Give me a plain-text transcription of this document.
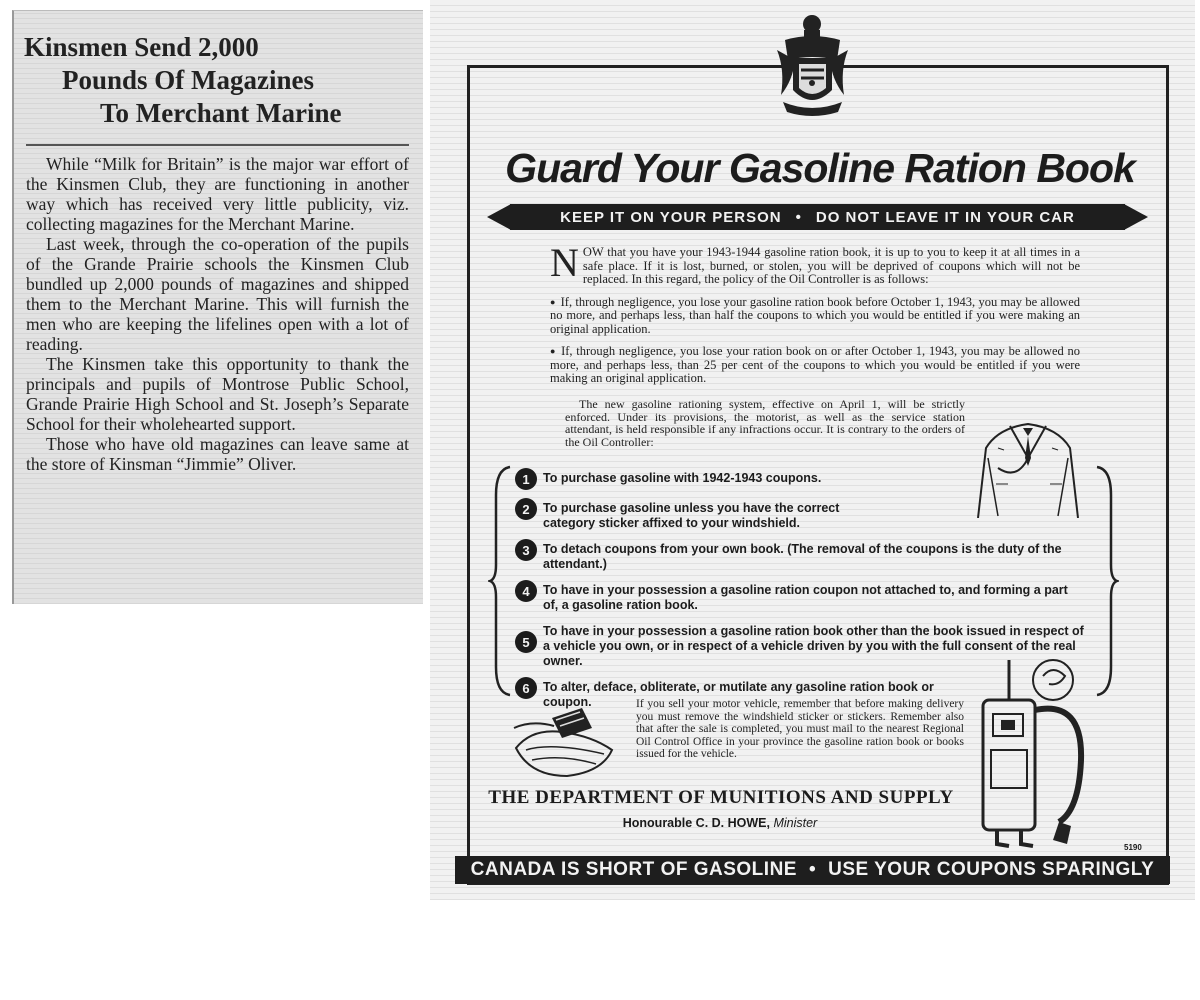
Kinsmen Send 2,000
Pounds Of Magazines
To Merchant Marine

While “Milk for Britain” is the major war effort of the Kinsmen Club, they are functioning in another way which has received very little publicity, viz. collecting magazines for the Merchant Marine.

Last week, through the co-operation of the pupils of the Grande Prairie schools the Kinsmen Club bundled up 2,000 pounds of magazines and shipped them to the Merchant Marine. This will furnish the men who are keeping the lifelines open with a lot of reading.

The Kinsmen take this opportunity to thank the principals and pupils of Montrose Public School, Grande Prairie High School and St. Joseph’s Separate School for their wholehearted support.

Those who have old magazines can leave same at the store of Kinsman “Jimmie” Oliver.

Guard Your Gasoline Ration Book
KEEP IT ON YOUR PERSON • DO NOT LEAVE IT IN YOUR CAR
N OW that you have your 1943-1944 gasoline ration book, it is up to you to keep it at all times in a safe place. If it is lost, burned, or stolen, you will be deprived of coupons which will not be replaced. In this regard, the policy of the Oil Controller is as follows:
● If, through negligence, you lose your gasoline ration book before October 1, 1943, you may be allowed no more, and perhaps less, than half the coupons to which you would be entitled if you were making an original application.
● If, through negligence, you lose your ration book on or after October 1, 1943, you may be allowed no more, and perhaps less, than 25 per cent of the coupons to which you would be entitled if you were making an original application.
The new gasoline rationing system, effective on April 1, will be strictly enforced. Under its provisions, the motorist, as well as the service station attendant, is held responsible if any infractions occur. It is contrary to the orders of the Oil Controller:
1	To purchase gasoline with 1942-1943 coupons.
2	To purchase gasoline unless you have the correct category sticker affixed to your windshield.
3	To detach coupons from your own book. (The removal of the coupons is the duty of the attendant.)
4	To have in your possession a gasoline ration coupon not attached to, and forming a part of, a gasoline ration book.
5
To have in your possession a gasoline ration book other than the book issued in respect of a vehicle you own, or in respect of a vehicle driven by you with the full consent of the real owner.
6	To alter, deface, obliterate, or mutilate any gasoline ration book or coupon.	If you sell your motor vehicle, remember that before making delivery you must remove the windshield sticker or stickers. Remember also that after the sale is completed, you must mail to the nearest Regional Oil Control Office in your province the gasoline ration book or books issued for the vehicle.
THE DEPARTMENT OF MUNITIONS AND SUPPLY
Honourable C. D. HOWE, Minister
5190
CANADA IS SHORT OF GASOLINE • USE YOUR COUPONS SPARINGLY
